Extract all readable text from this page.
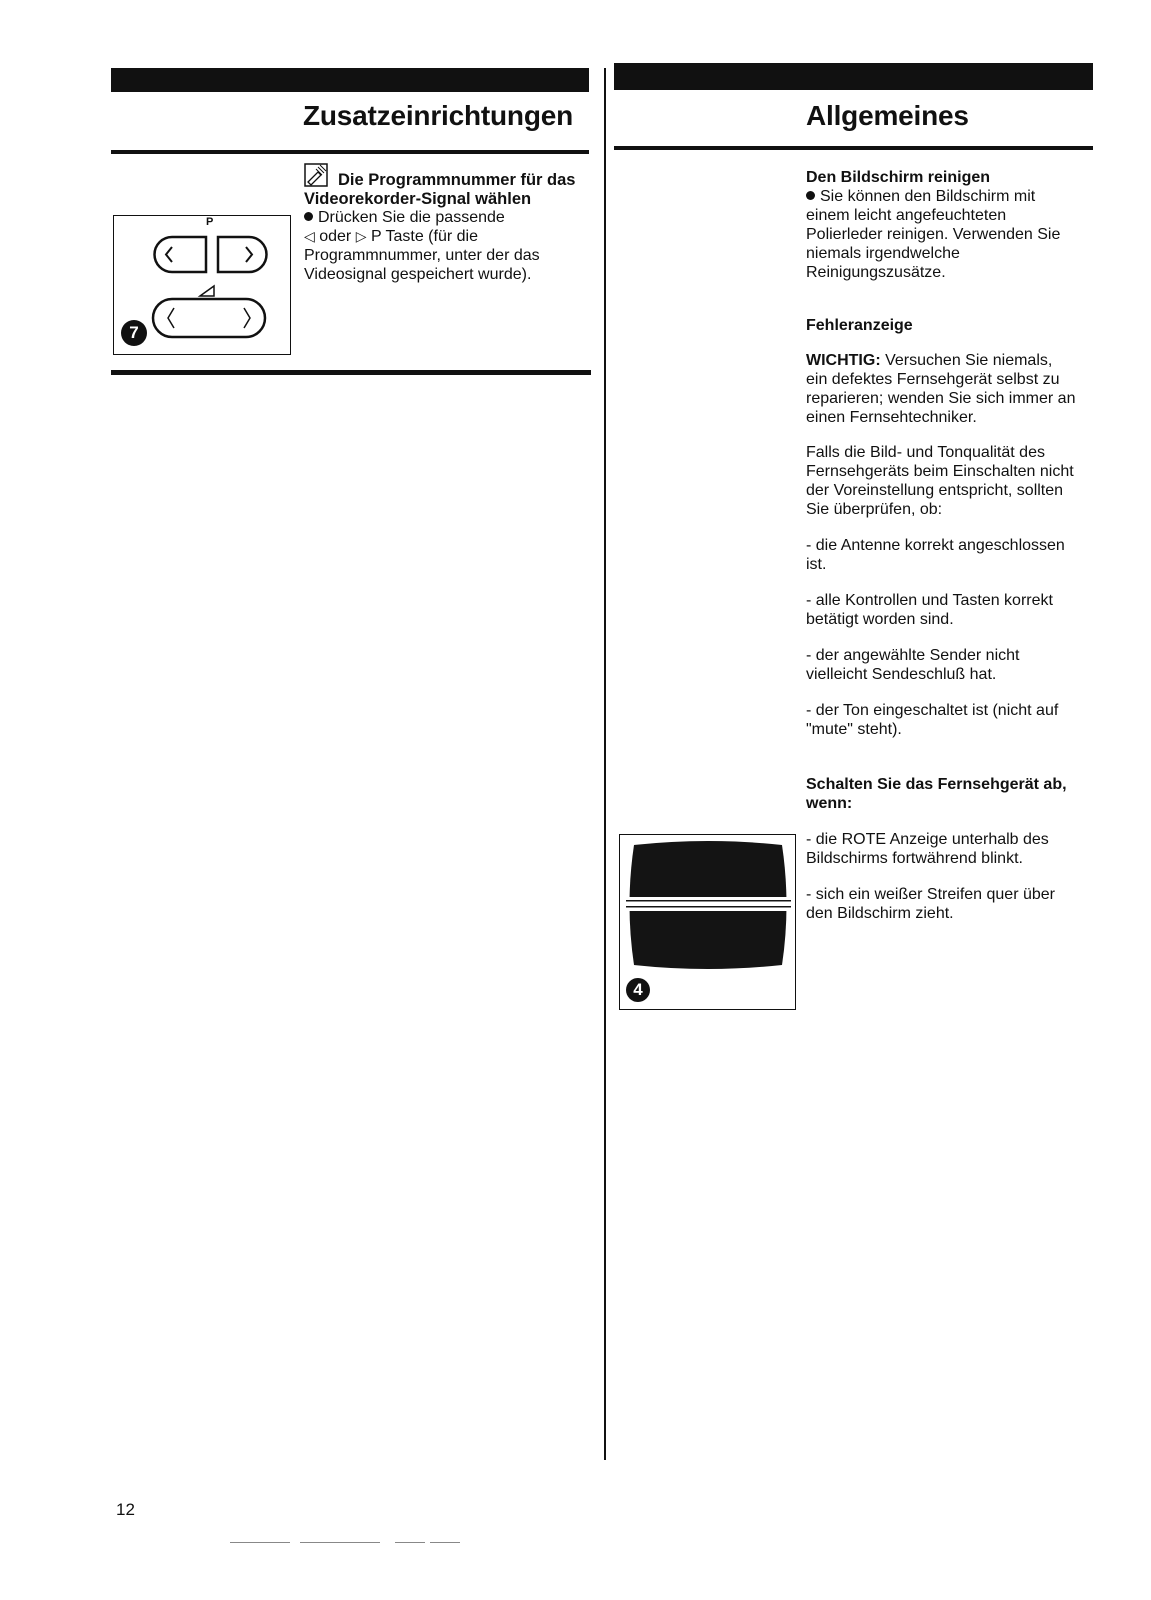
Zusatzeinrichtungen
P
7

Die Programmnummer für das

Videorekorder-Signal wählen

Drücken Sie die passende

◁ oder ▷ P Taste (für die

Programmnummer, unter der das

Videosignal gespeichert wurde).

Allgemeines

Den Bildschirm reinigen

Sie können den Bildschirm mit

einem leicht angefeuchteten

Polierleder reinigen. Verwenden Sie

niemals irgendwelche

Reinigungszusätze.

Fehleranzeige

WICHTIG: Versuchen Sie niemals,

ein defektes Fernsehgerät selbst zu

reparieren; wenden Sie sich immer an

einen Fernsehtechniker.

Falls die Bild- und Tonqualität des

Fernsehgeräts beim Einschalten nicht

der Voreinstellung entspricht, sollten

Sie überprüfen, ob:

- die Antenne korrekt angeschlossen

ist.

- alle Kontrollen und Tasten korrekt

betätigt worden sind.

- der angewählte Sender nicht

vielleicht Sendeschluß hat.

- der Ton eingeschaltet ist (nicht auf

"mute" steht).

Schalten Sie das Fernsehgerät ab,

wenn:

- die ROTE Anzeige unterhalb des

Bildschirms fortwährend blinkt.

- sich ein weißer Streifen quer über

den Bildschirm zieht.

4
12
